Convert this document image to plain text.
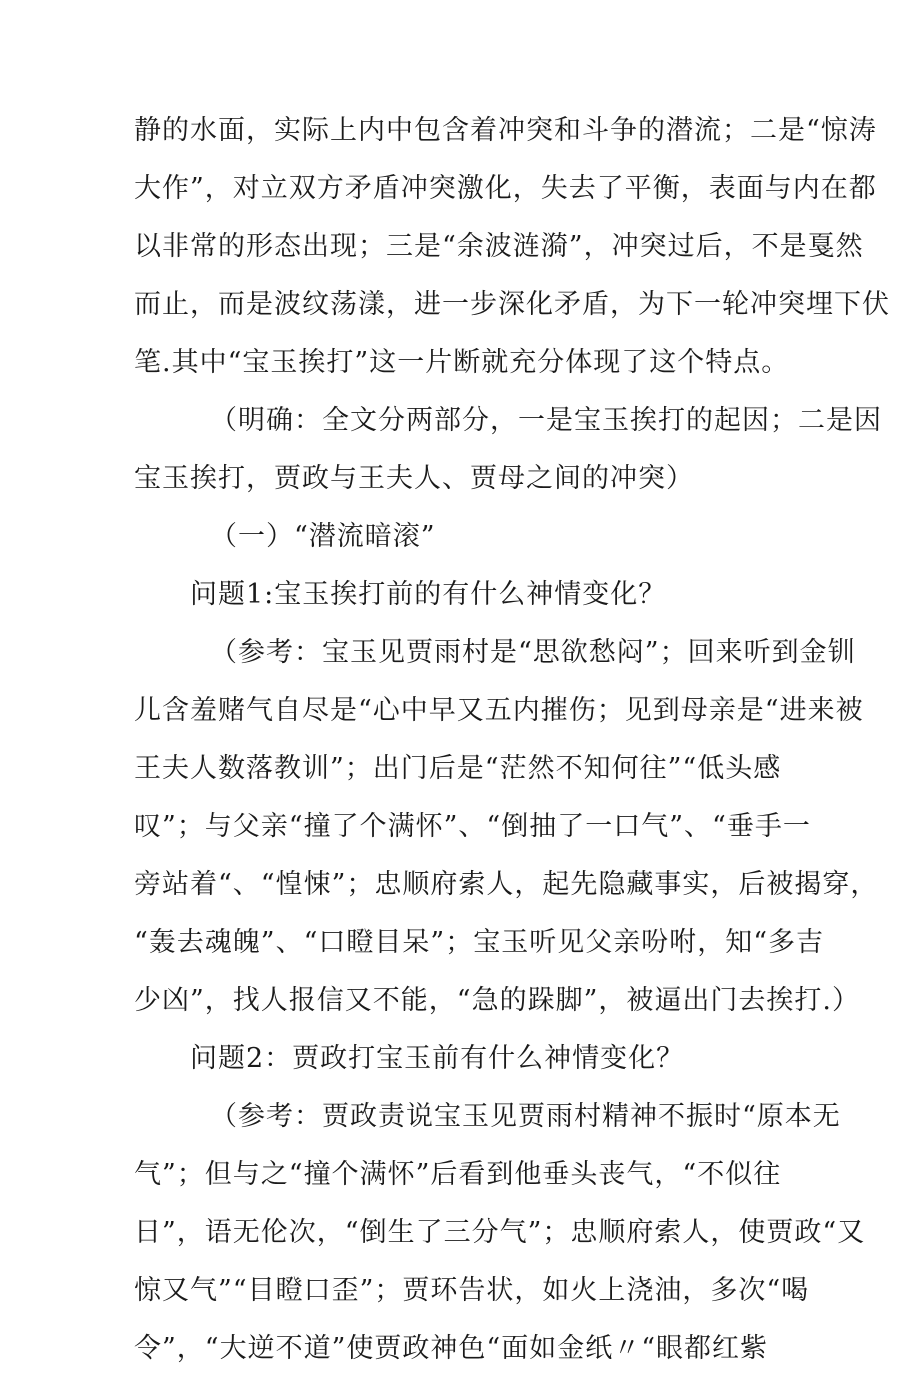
静的水面，实际上内中包含着冲突和斗争的潜流；二是“惊涛
大作”，对立双方矛盾冲突激化，失去了平衡，表面与内在都
以非常的形态出现；三是“余波涟漪”，冲突过后，不是戛然
而止，而是波纹荡漾，进一步深化矛盾，为下一轮冲突埋下伏
笔.其中“宝玉挨打”这一片断就充分体现了这个特点。
（明确：全文分两部分，一是宝玉挨打的起因；二是因
宝玉挨打，贾政与王夫人、贾母之间的冲突）
（一）“潜流暗滚”
问题1:宝玉挨打前的有什么神情变化？
（参考：宝玉见贾雨村是“思欲愁闷”；回来听到金钏
儿含羞赌气自尽是“心中早又五内摧伤；见到母亲是“进来被
王夫人数落教训”；出门后是“茫然不知何往”“低头感
叹”；与父亲“撞了个满怀”、“倒抽了一口气”、“垂手一
旁站着“、“惶悚”；忠顺府索人，起先隐藏事实，后被揭穿，
“轰去魂魄”、“口瞪目呆”；宝玉听见父亲吩咐，知“多吉
少凶”，找人报信又不能，“急的跺脚”，被逼出门去挨打.）
问题2：贾政打宝玉前有什么神情变化？
（参考：贾政责说宝玉见贾雨村精神不振时“原本无
气”；但与之“撞个满怀”后看到他垂头丧气，“不似往
日”，语无伦次，“倒生了三分气”；忠顺府索人，使贾政“又
惊又气”“目瞪口歪”；贾环告状，如火上浇油，多次“喝
令”，“大逆不道”使贾政神色“面如金纸〃“眼都红紫
